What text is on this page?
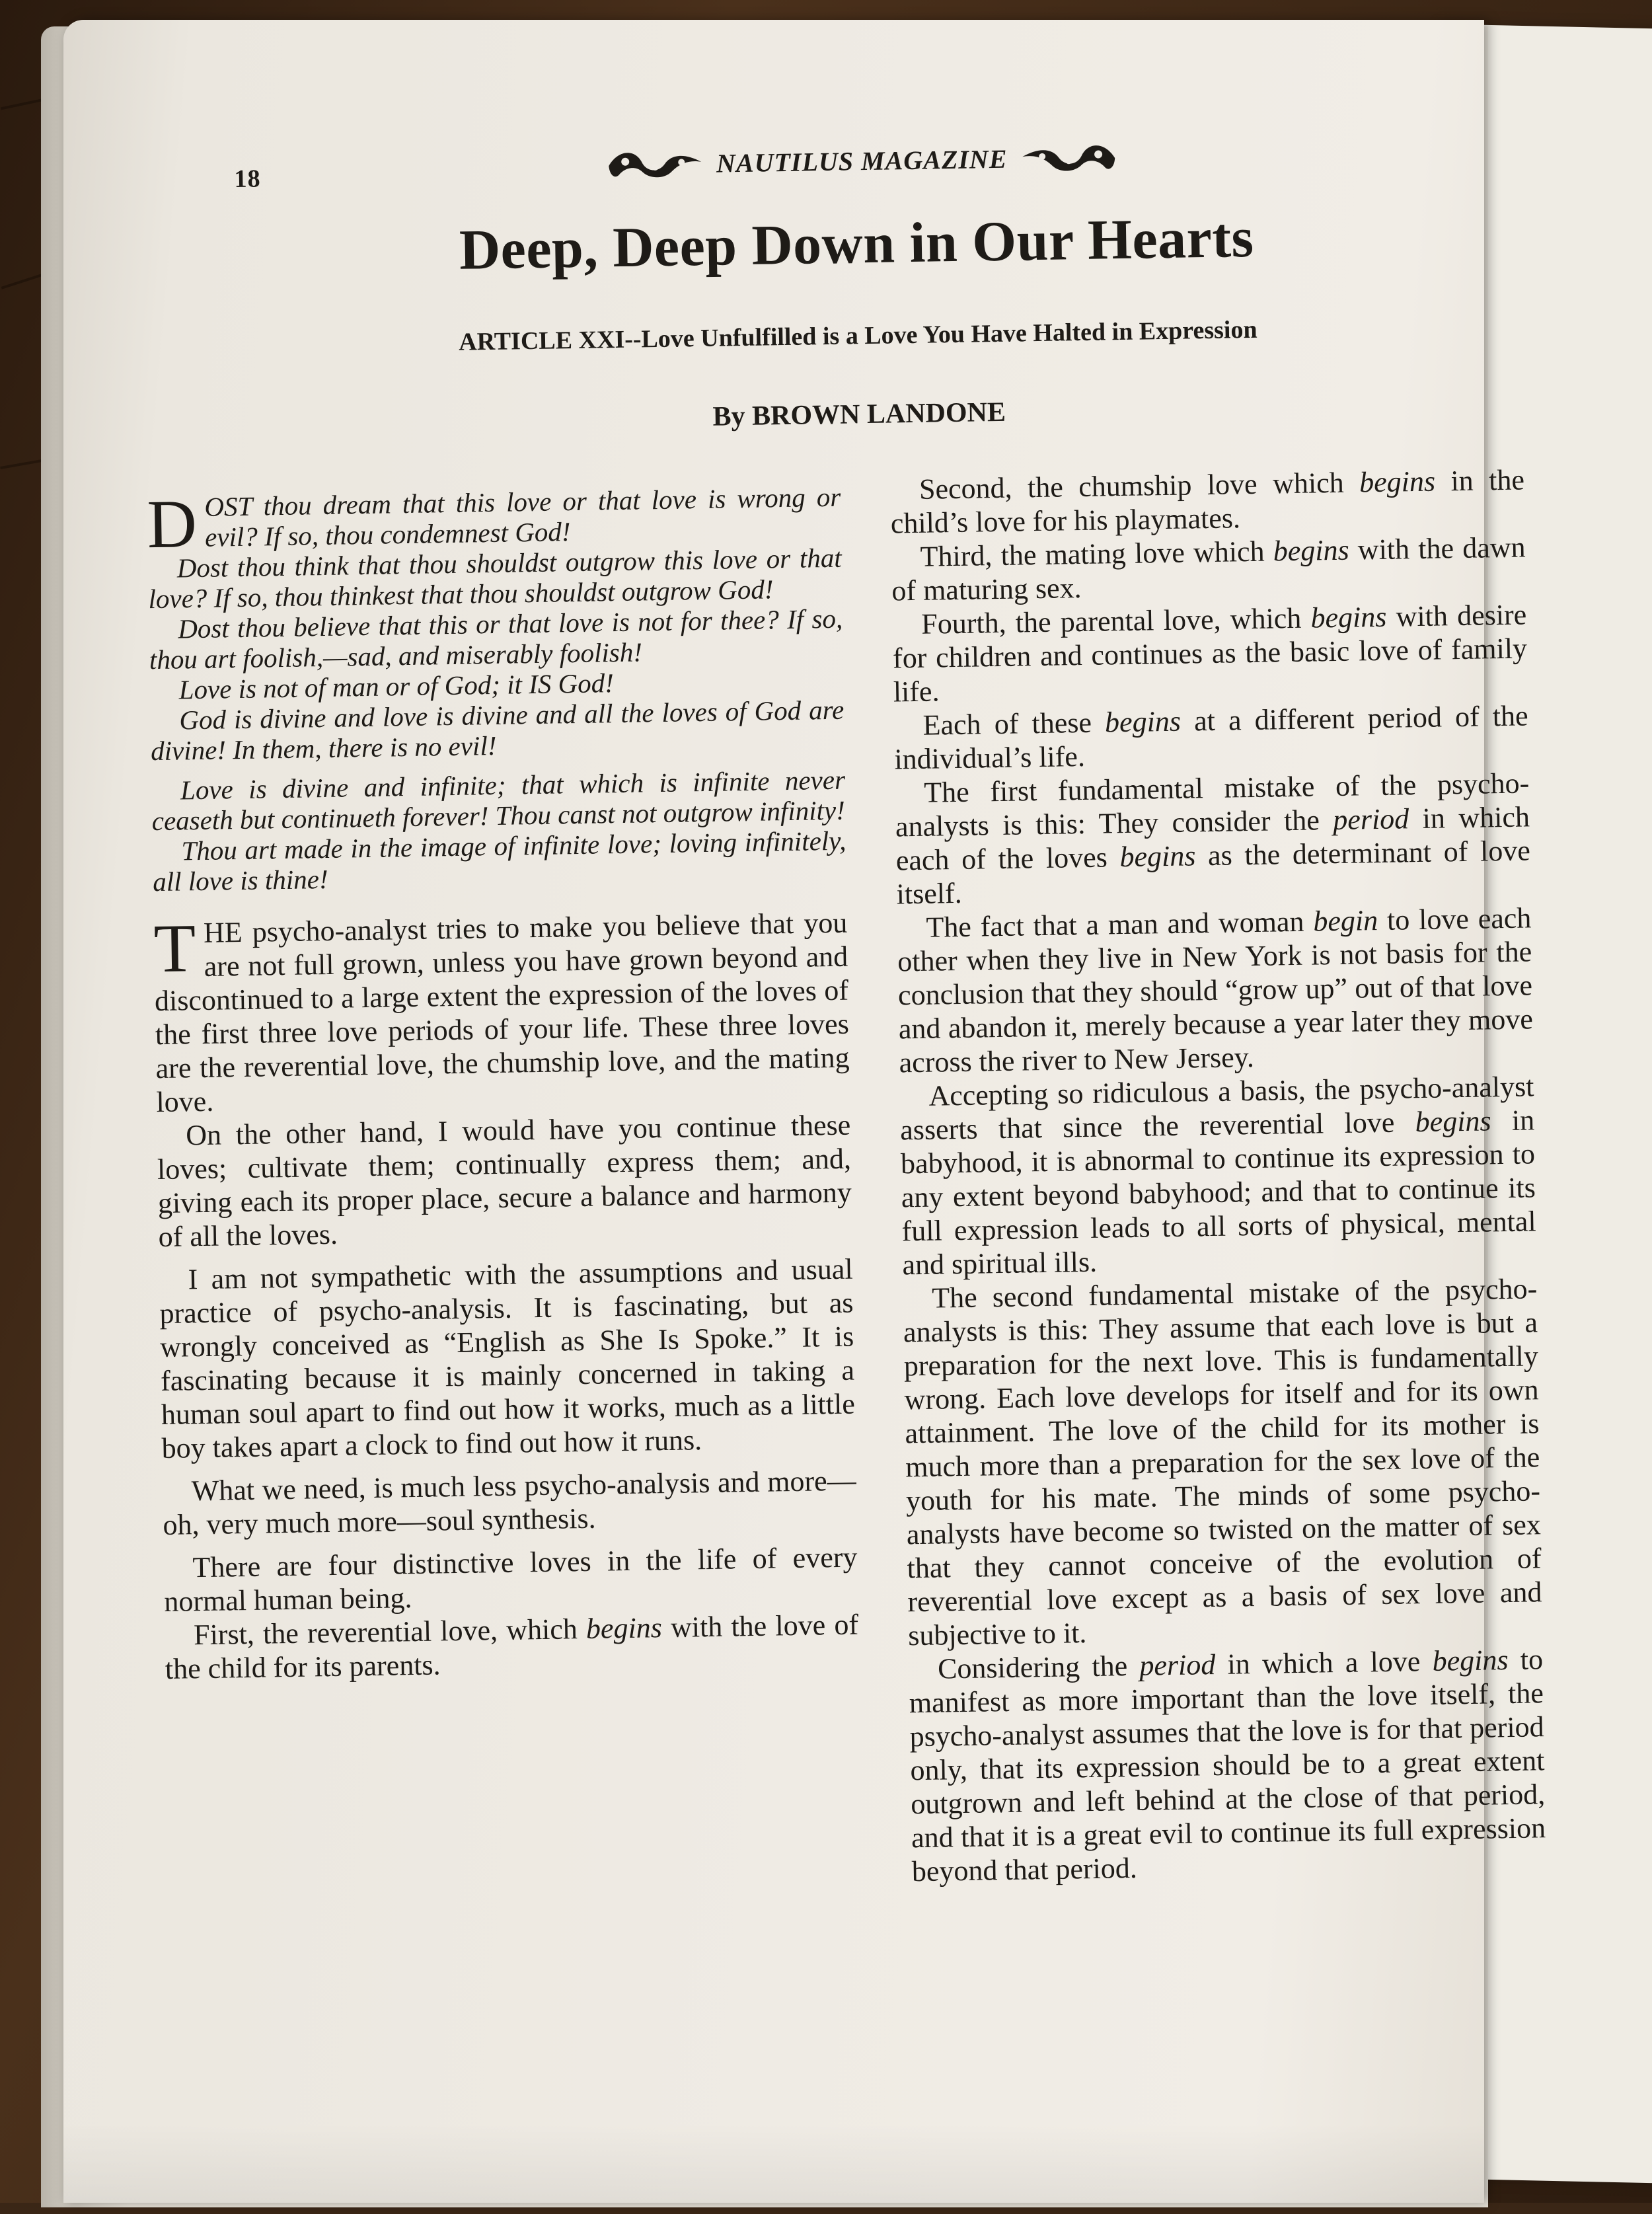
18
NAUTILUS MAGAZINE
Deep, Deep Down in Our Hearts
ARTICLE XXI--Love Unfulfilled is a Love You Have Halted in Expression
By BROWN LANDONE

DOST thou dream that this love or that love is wrong or evil? If so, thou condemnest God!

Dost thou think that thou shouldst outgrow this love or that love? If so, thou thinkest that thou shouldst outgrow God!

Dost thou believe that this or that love is not for thee? If so, thou art foolish,—sad, and miserably foolish!

Love is not of man or of God; it IS God!

God is divine and love is divine and all the loves of God are divine! In them, there is no evil!

Love is divine and infinite; that which is infinite never ceaseth but continueth forever! Thou canst not outgrow infinity!

Thou art made in the image of infinite love; loving infinitely, all love is thine!

THE psycho-analyst tries to make you believe that you are not full grown, unless you have grown beyond and discontinued to a large extent the expression of the loves of the first three love periods of your life. These three loves are the reverential love, the chumship love, and the mating love.

On the other hand, I would have you continue these loves; cultivate them; continually express them; and, giving each its proper place, secure a balance and harmony of all the loves.

I am not sympathetic with the assumptions and usual practice of psycho-analysis. It is fascinating, but as wrongly conceived as “English as She Is Spoke.” It is fascinating because it is mainly concerned in taking a human soul apart to find out how it works, much as a little boy takes apart a clock to find out how it runs.

What we need, is much less psycho-analysis and more—oh, very much more—soul synthesis.

There are four distinctive loves in the life of every normal human being.

First, the reverential love, which begins with the love of the child for its parents.

Second, the chumship love which begins in the child’s love for his playmates.

Third, the mating love which begins with the dawn of maturing sex.

Fourth, the parental love, which begins with desire for children and continues as the basic love of family life.

Each of these begins at a different period of the individual’s life.

The first fundamental mistake of the psycho-analysts is this: They consider the period in which each of the loves begins as the determinant of love itself.

The fact that a man and woman begin to love each other when they live in New York is not basis for the conclusion that they should “grow up” out of that love and abandon it, merely because a year later they move across the river to New Jersey.

Accepting so ridiculous a basis, the psycho-analyst asserts that since the reverential love begins in babyhood, it is abnormal to continue its expression to any extent beyond babyhood; and that to continue its full expression leads to all sorts of physical, mental and spiritual ills.

The second fundamental mistake of the psycho-analysts is this: They assume that each love is but a preparation for the next love. This is fundamentally wrong. Each love develops for itself and for its own attainment. The love of the child for its mother is much more than a preparation for the sex love of the youth for his mate. The minds of some psycho-analysts have become so twisted on the matter of sex that they cannot conceive of the evolution of reverential love except as a basis of sex love and subjective to it.

Considering the period in which a love begins to manifest as more important than the love itself, the psycho-analyst assumes that the love is for that period only, that its expression should be to a great extent outgrown and left behind at the close of that period, and that it is a great evil to continue its full expression beyond that period.
